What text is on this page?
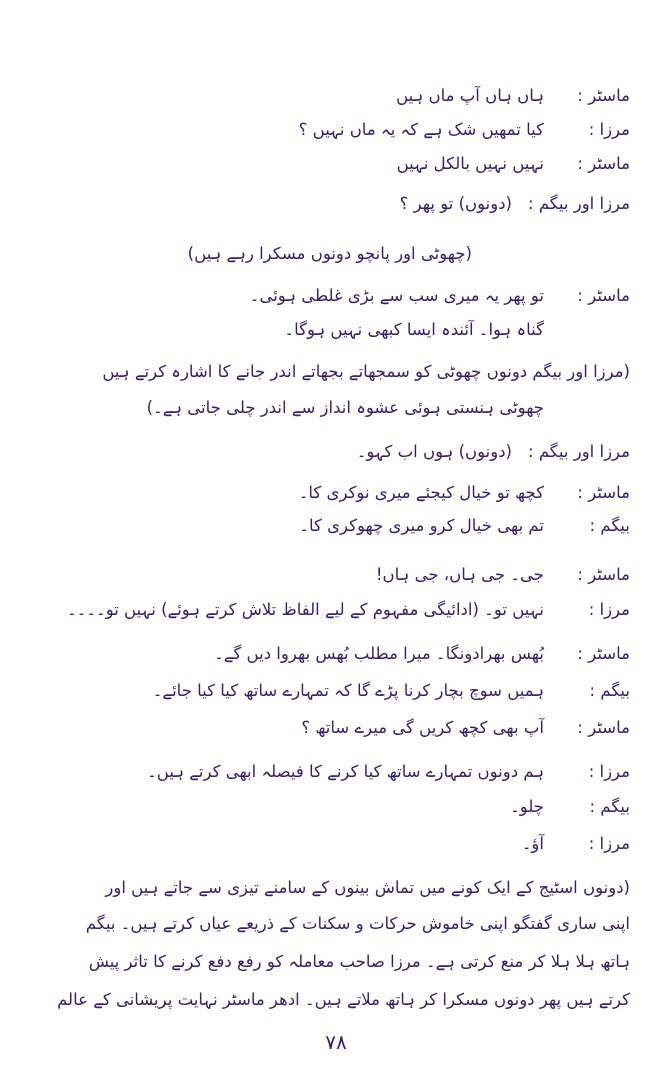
ماسٹر :
ہاں ہاں آپ ماں ہیں
مرزا :
کیا تمھیں شک ہے کہ یہ ماں نہیں ؟
ماسٹر :
نہیں نہیں بالکل نہیں
مرزا اور بیگم :
(دونوں) تو پھر ؟
(چھوٹی اور پانچو دونوں مسکرا رہے ہیں)
ماسٹر :
تو پھر یہ میری سب سے بڑی غلطی ہوئی۔
گناہ ہوا۔ آئندہ ایسا کبھی نہیں ہوگا۔
(مرزا اور بیگم دونوں چھوٹی کو سمجھاتے بجھاتے اندر جانے کا اشارہ کرتے ہیں
چھوٹی ہنستی ہوئی عشوہ انداز سے اندر چلی جاتی ہے۔)
مرزا اور بیگم :
(دونوں) ہوں اب کہو۔
ماسٹر :
کچھ تو خیال کیجئے میری نوکری کا۔
بیگم :
تم بھی خیال کرو میری چھوکری کا۔
ماسٹر :
جی۔ جی ہاں، جی ہاں!
مرزا :
نہیں تو۔ (ادائیگی مفہوم کے لیے الفاظ تلاش کرتے ہوئے) نہیں تو۔۔۔۔
ماسٹر :
بُھس بھرادونگا۔ میرا مطلب بُھس بھروا دیں گے۔
بیگم :
ہمیں سوچ بچار کرنا پڑے گا کہ تمہارے ساتھ کیا کیا جائے۔
ماسٹر :
آپ بھی کچھ کریں گی میرے ساتھ ؟
مرزا :
ہم دونوں تمہارے ساتھ کیا کرنے کا فیصلہ ابھی کرتے ہیں۔
بیگم :
چلو۔
مرزا :
آؤ۔
(دونوں اسٹیج کے ایک کونے میں تماش بینوں کے سامنے تیزی سے جاتے ہیں اور
اپنی ساری گفتگو اپنی خاموش حرکات و سکنات کے ذریعے عیاں کرتے ہیں۔ بیگم
ہاتھ ہلا ہلا کر منع کرتی ہے۔ مرزا صاحب معاملہ کو رفع دفع کرنے کا تاثر پیش
کرتے ہیں پھر دونوں مسکرا کر ہاتھ ملاتے ہیں۔ ادھر ماسٹر نہایت پریشانی کے عالم
۷۸
